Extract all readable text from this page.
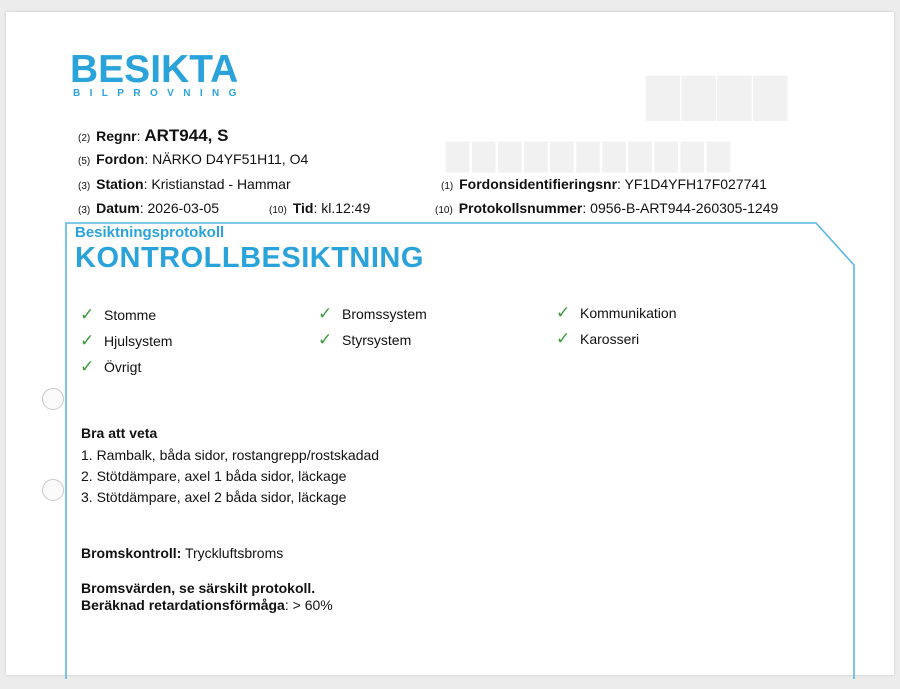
▇▇▇▇
▇▇▇▇▇▇▇▇▇▇▇
BESIKTA
BILPROVNING
(2) Regnr: ART944, S
(5) Fordon: NÄRKO D4YF51H11, O4
(3) Station: Kristianstad - Hammar
(3) Datum: 2026-03-05	(10) Tid: kl.12:49
(1) Fordonsidentifieringsnr: YF1D4YFH17F027741
(10) Protokollsnummer: 0956-B-ART944-260305-1249
Besiktningsprotokoll
KONTROLLBESIKTNING
✓ Stomme	✓ Bromssystem	✓ Kommunikation
✓ Hjulsystem	✓ Styrsystem	✓ Karosseri
✓ Övrigt
Bra att veta
1. Rambalk, båda sidor, rostangrepp/rostskadad
2. Stötdämpare, axel 1 båda sidor, läckage
3. Stötdämpare, axel 2 båda sidor, läckage
Bromskontroll: Tryckluftsbroms
Bromsvärden, se särskilt protokoll.
Beräknad retardationsförmåga: > 60%
